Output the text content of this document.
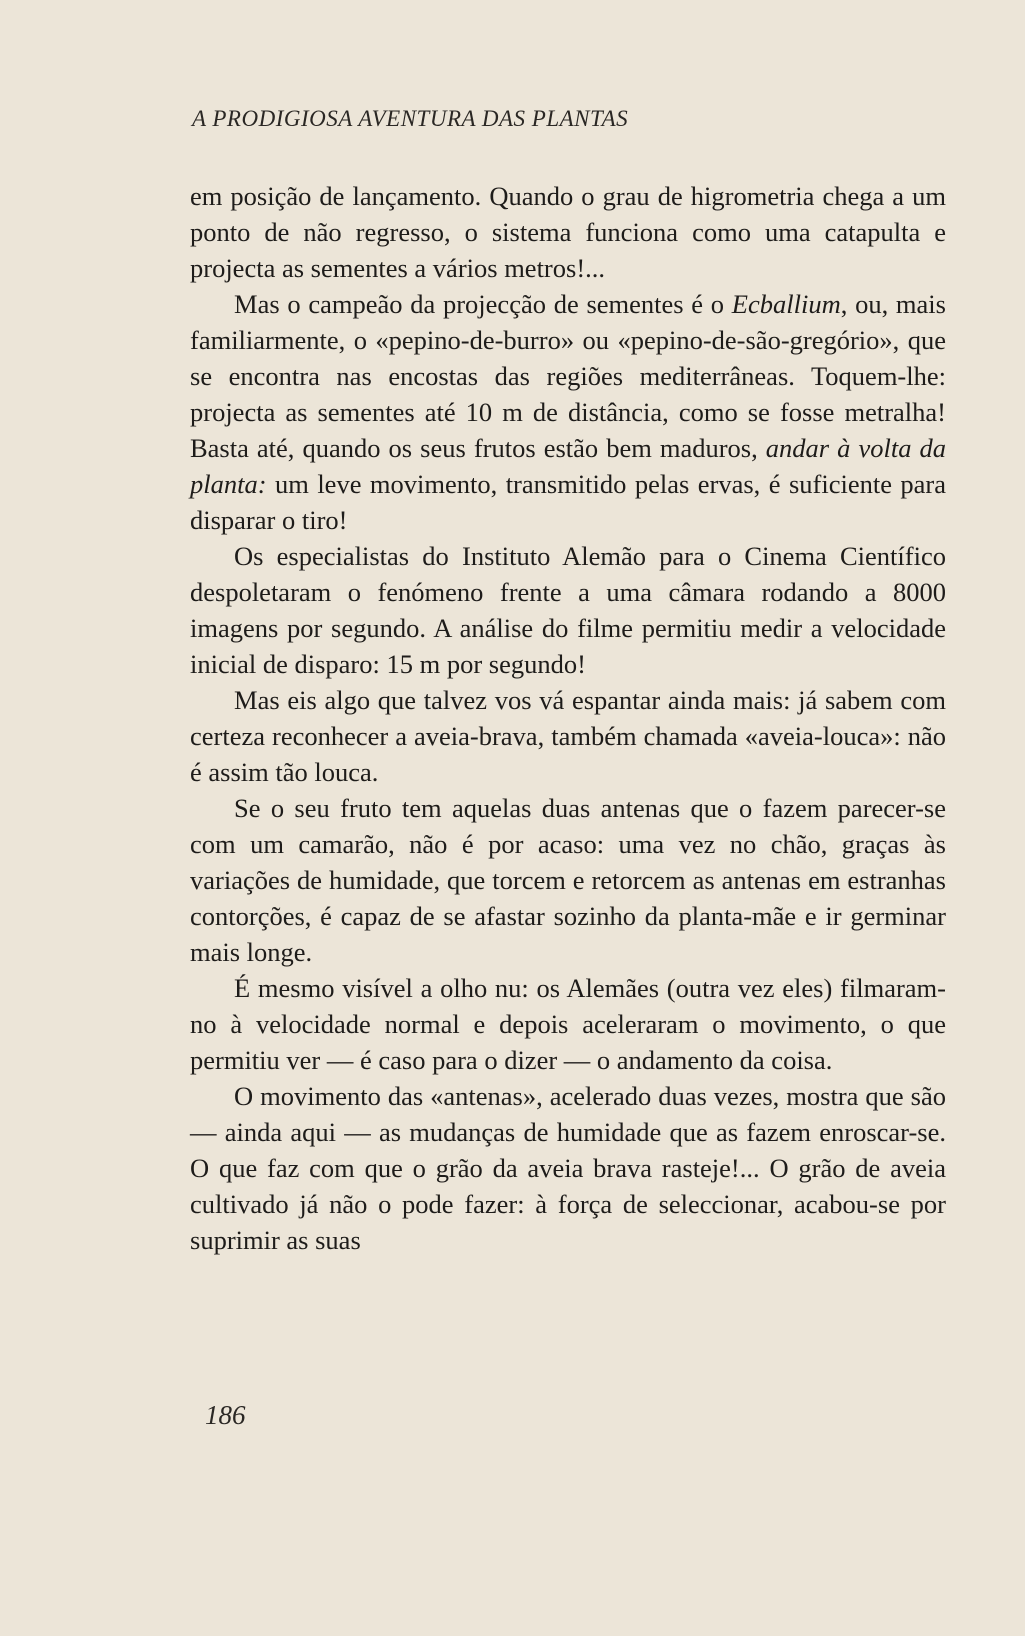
A PRODIGIOSA AVENTURA DAS PLANTAS

em posição de lançamento. Quando o grau de higrometria chega a um ponto de não regresso, o sistema funciona como uma catapulta e projecta as sementes a vários metros!...

Mas o campeão da projecção de sementes é o Ecballium, ou, mais familiarmente, o «pepino-de-burro» ou «pepino-de-são-gregório», que se encontra nas encostas das regiões mediterrâneas. Toquem-lhe: projecta as sementes até 10 m de distância, como se fosse metralha! Basta até, quando os seus frutos estão bem maduros, andar à volta da planta: um leve movimento, transmitido pelas ervas, é suficiente para disparar o tiro!

Os especialistas do Instituto Alemão para o Cinema Científico despoletaram o fenómeno frente a uma câmara rodando a 8000 imagens por segundo. A análise do filme permitiu medir a velocidade inicial de disparo: 15 m por segundo!

Mas eis algo que talvez vos vá espantar ainda mais: já sabem com certeza reconhecer a aveia-brava, também chamada «aveia-louca»: não é assim tão louca.

Se o seu fruto tem aquelas duas antenas que o fazem parecer-se com um camarão, não é por acaso: uma vez no chão, graças às variações de humidade, que torcem e retorcem as antenas em estranhas contorções, é capaz de se afastar sozinho da planta-mãe e ir germinar mais longe.

É mesmo visível a olho nu: os Alemães (outra vez eles) filmaram-no à velocidade normal e depois aceleraram o movimento, o que permitiu ver — é caso para o dizer — o andamento da coisa.

O movimento das «antenas», acelerado duas vezes, mostra que são — ainda aqui — as mudanças de humidade que as fazem enroscar-se. O que faz com que o grão da aveia brava rasteje!... O grão de aveia cultivado já não o pode fazer: à força de seleccionar, acabou-se por suprimir as suas

186
